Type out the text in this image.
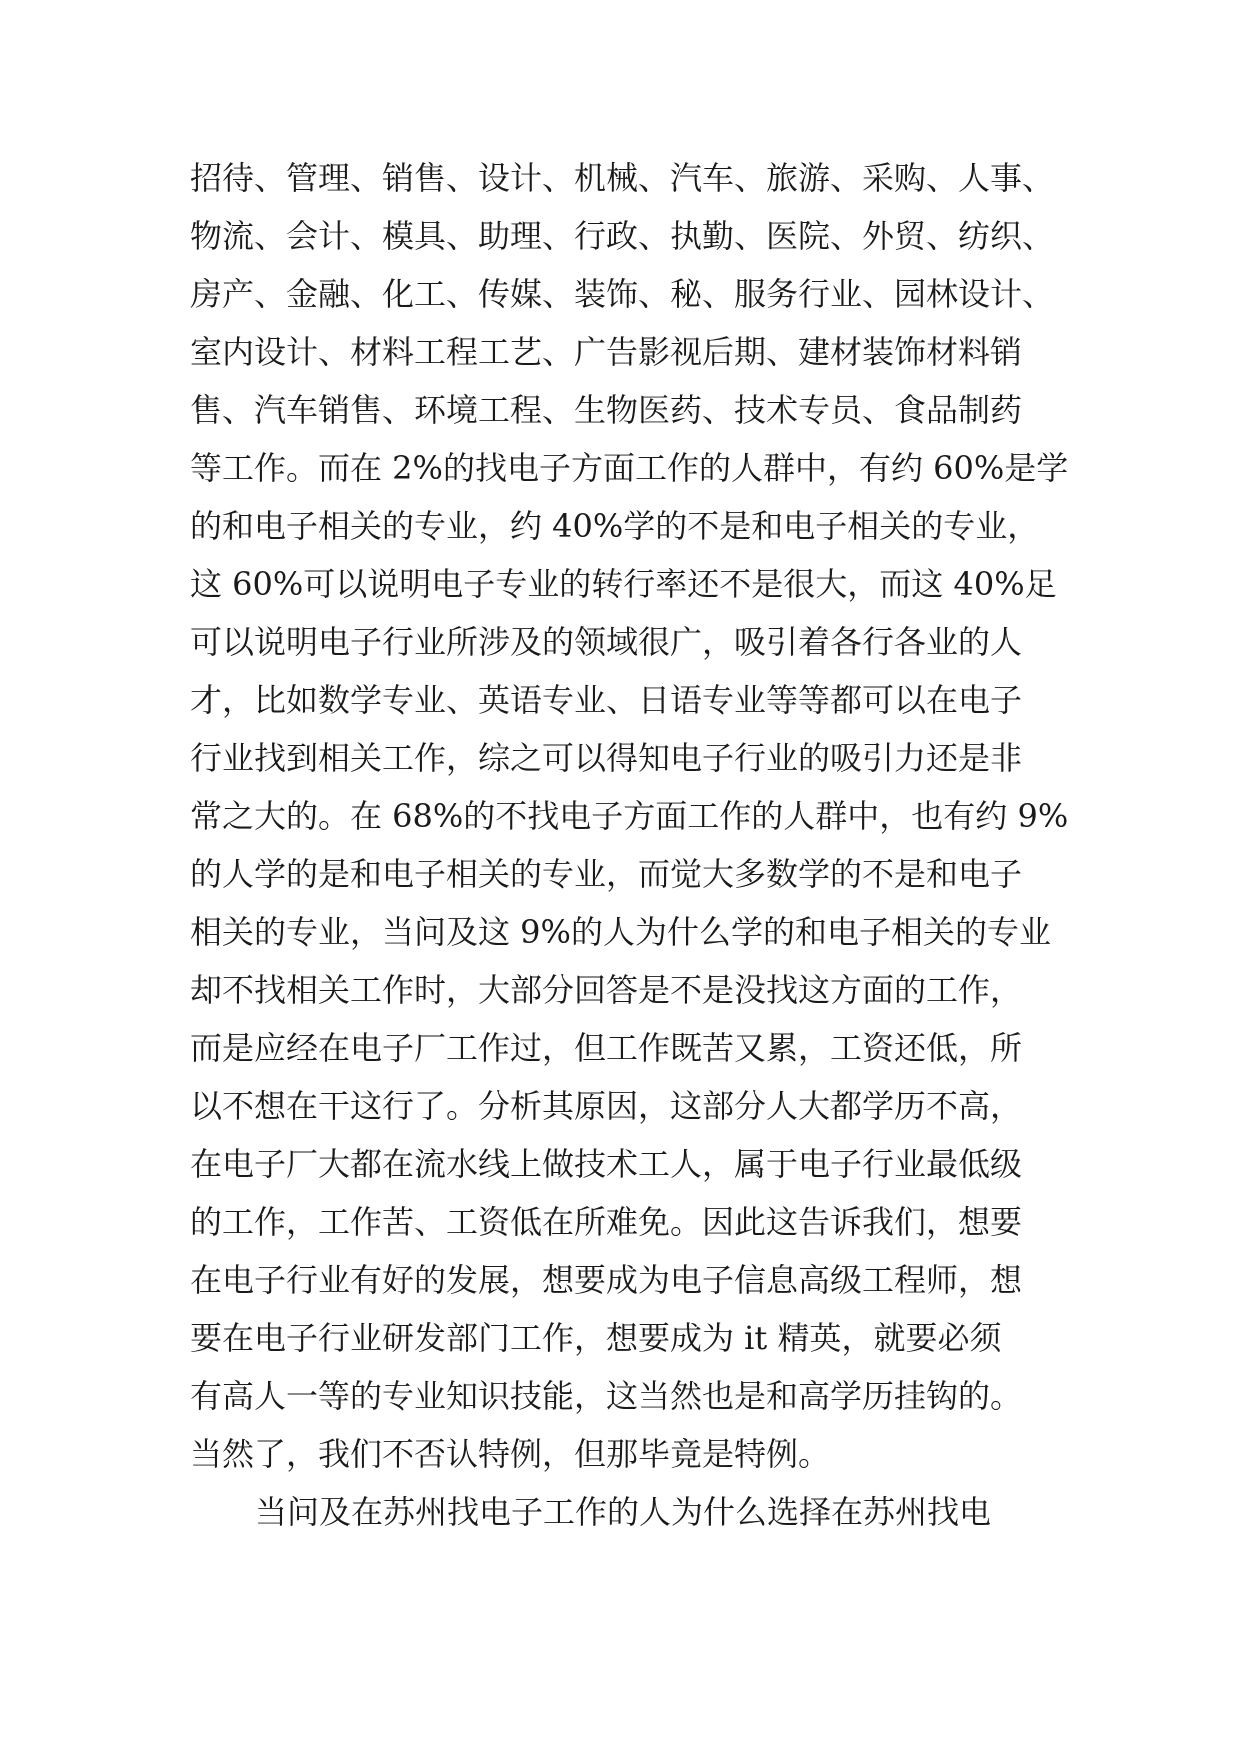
招待、管理、销售、设计、机械、汽车、旅游、采购、人事、
物流、会计、模具、助理、行政、执勤、医院、外贸、纺织、
房产、金融、化工、传媒、装饰、秘、服务行业、园林设计、
室内设计、材料工程工艺、广告影视后期、建材装饰材料销
售、汽车销售、环境工程、生物医药、技术专员、食品制药
等工作。而在 2%的找电子方面工作的人群中，有约 60%是学
的和电子相关的专业，约 40%学的不是和电子相关的专业，
这 60%可以说明电子专业的转行率还不是很大，而这 40%足
可以说明电子行业所涉及的领域很广，吸引着各行各业的人
才，比如数学专业、英语专业、日语专业等等都可以在电子
行业找到相关工作，综之可以得知电子行业的吸引力还是非
常之大的。在 68%的不找电子方面工作的人群中，也有约 9%
的人学的是和电子相关的专业，而觉大多数学的不是和电子
相关的专业，当问及这 9%的人为什么学的和电子相关的专业
却不找相关工作时，大部分回答是不是没找这方面的工作，
而是应经在电子厂工作过，但工作既苦又累，工资还低，所
以不想在干这行了。分析其原因，这部分人大都学历不高，
在电子厂大都在流水线上做技术工人，属于电子行业最低级
的工作，工作苦、工资低在所难免。因此这告诉我们，想要
在电子行业有好的发展，想要成为电子信息高级工程师，想
要在电子行业研发部门工作，想要成为 it 精英，就要必须
有高人一等的专业知识技能，这当然也是和高学历挂钩的。
当然了，我们不否认特例，但那毕竟是特例。
当问及在苏州找电子工作的人为什么选择在苏州找电
